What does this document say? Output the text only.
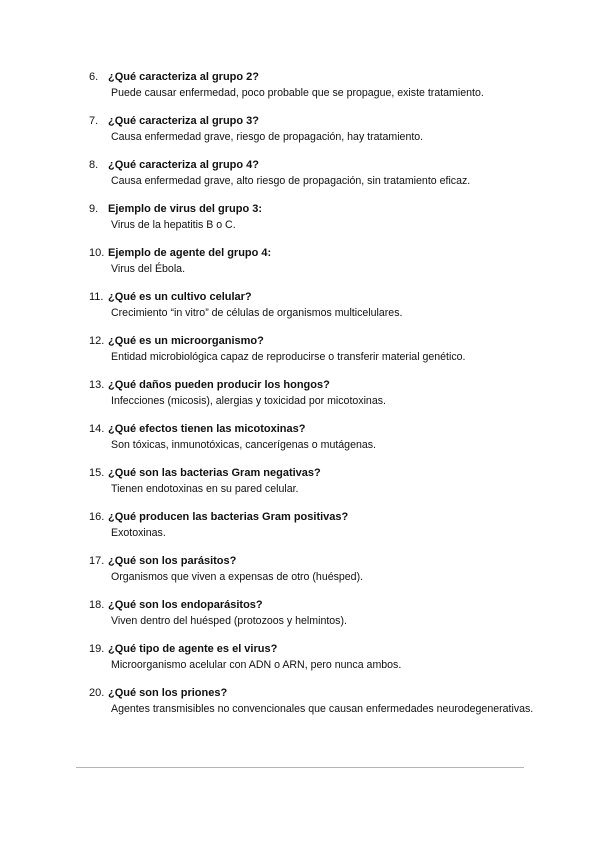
6. ¿Qué caracteriza al grupo 2?
Puede causar enfermedad, poco probable que se propague, existe tratamiento.
7. ¿Qué caracteriza al grupo 3?
Causa enfermedad grave, riesgo de propagación, hay tratamiento.
8. ¿Qué caracteriza al grupo 4?
Causa enfermedad grave, alto riesgo de propagación, sin tratamiento eficaz.
9. Ejemplo de virus del grupo 3:
Virus de la hepatitis B o C.
10. Ejemplo de agente del grupo 4:
Virus del Ébola.
11. ¿Qué es un cultivo celular?
Crecimiento “in vitro” de células de organismos multicelulares.
12. ¿Qué es un microorganismo?
Entidad microbiológica capaz de reproducirse o transferir material genético.
13. ¿Qué daños pueden producir los hongos?
Infecciones (micosis), alergias y toxicidad por micotoxinas.
14. ¿Qué efectos tienen las micotoxinas?
Son tóxicas, inmunotóxicas, cancerígenas o mutágenas.
15. ¿Qué son las bacterias Gram negativas?
Tienen endotoxinas en su pared celular.
16. ¿Qué producen las bacterias Gram positivas?
Exotoxinas.
17. ¿Qué son los parásitos?
Organismos que viven a expensas de otro (huésped).
18. ¿Qué son los endoparásitos?
Viven dentro del huésped (protozoos y helmintos).
19. ¿Qué tipo de agente es el virus?
Microorganismo acelular con ADN o ARN, pero nunca ambos.
20. ¿Qué son los priones?
Agentes transmisibles no convencionales que causan enfermedades neurodegenerativas.
